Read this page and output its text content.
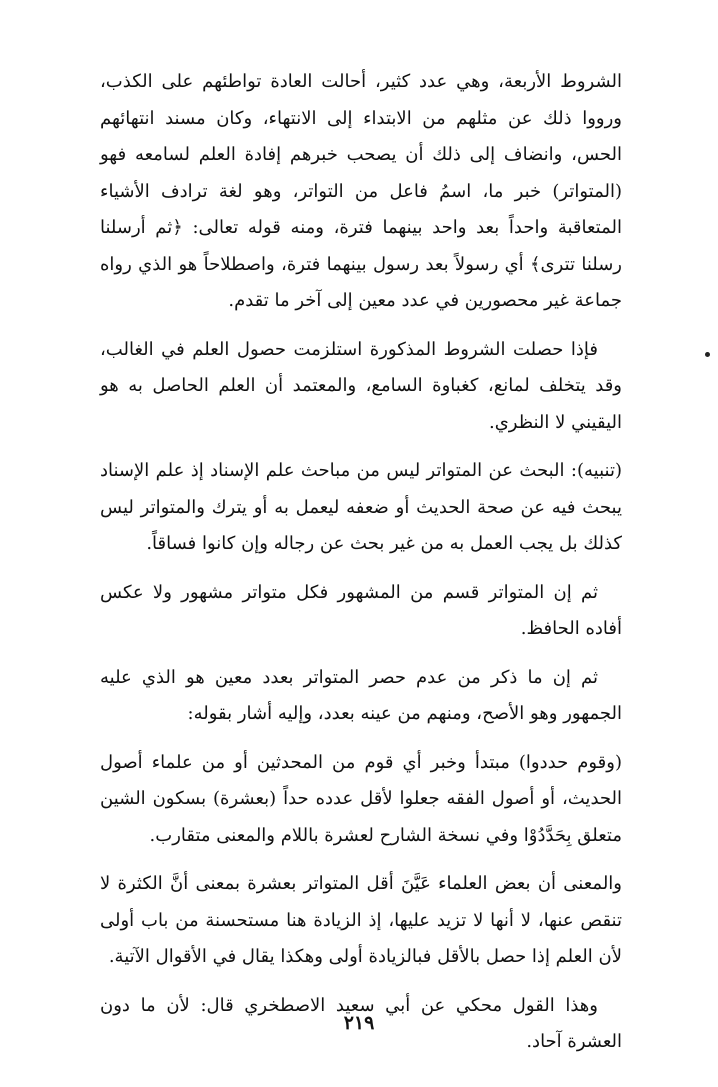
الشروط الأربعة، وهي عدد كثير، أحالت العادة تواطئهم على الكذب، ورووا ذلك عن مثلهم من الابتداء إلى الانتهاء، وكان مسند انتهائهم الحس، وانضاف إلى ذلك أن يصحب خبرهم إفادة العلم لسامعه فهو (المتواتر) خبر ما، اسمُ فاعل من التواتر، وهو لغة ترادف الأشياء المتعاقبة واحداً بعد واحد بينهما فترة، ومنه قوله تعالى: ﴿ثم أرسلنا رسلنا تترى﴾ أي رسولاً بعد رسول بينهما فترة، واصطلاحاً هو الذي رواه جماعة غير محصورين في عدد معين إلى آخر ما تقدم.

فإذا حصلت الشروط المذكورة استلزمت حصول العلم في الغالب، وقد يتخلف لمانع، كغباوة السامع، والمعتمد أن العلم الحاصل به هو اليقيني لا النظري.

(تنبيه): البحث عن المتواتر ليس من مباحث علم الإسناد إذ علم الإسناد يبحث فيه عن صحة الحديث أو ضعفه ليعمل به أو يترك والمتواتر ليس كذلك بل يجب العمل به من غير بحث عن رجاله وإن كانوا فساقاً.

ثم إن المتواتر قسم من المشهور فكل متواتر مشهور ولا عكس أفاده الحافظ.

ثم إن ما ذكر من عدم حصر المتواتر بعدد معين هو الذي عليه الجمهور وهو الأصح، ومنهم من عينه بعدد، وإليه أشار بقوله:

(وقوم حددوا) مبتدأ وخبر أي قوم من المحدثين أو من علماء أصول الحديث، أو أصول الفقه جعلوا لأقل عدده حداً (بعشرة) بسكون الشين متعلق بِحَدَّدُوْا وفي نسخة الشارح لعشرة باللام والمعنى متقارب.

والمعنى أن بعض العلماء عَيَّنَ أقل المتواتر بعشرة بمعنى أنَّ الكثرة لا تنقص عنها، لا أنها لا تزيد عليها، إذ الزيادة هنا مستحسنة من باب أولى لأن العلم إذا حصل بالأقل فبالزيادة أولى وهكذا يقال في الأقوال الآتية.

وهذا القول محكي عن أبي سعيد الاصطخري قال: لأن ما دون العشرة آحاد.

٢١٩
